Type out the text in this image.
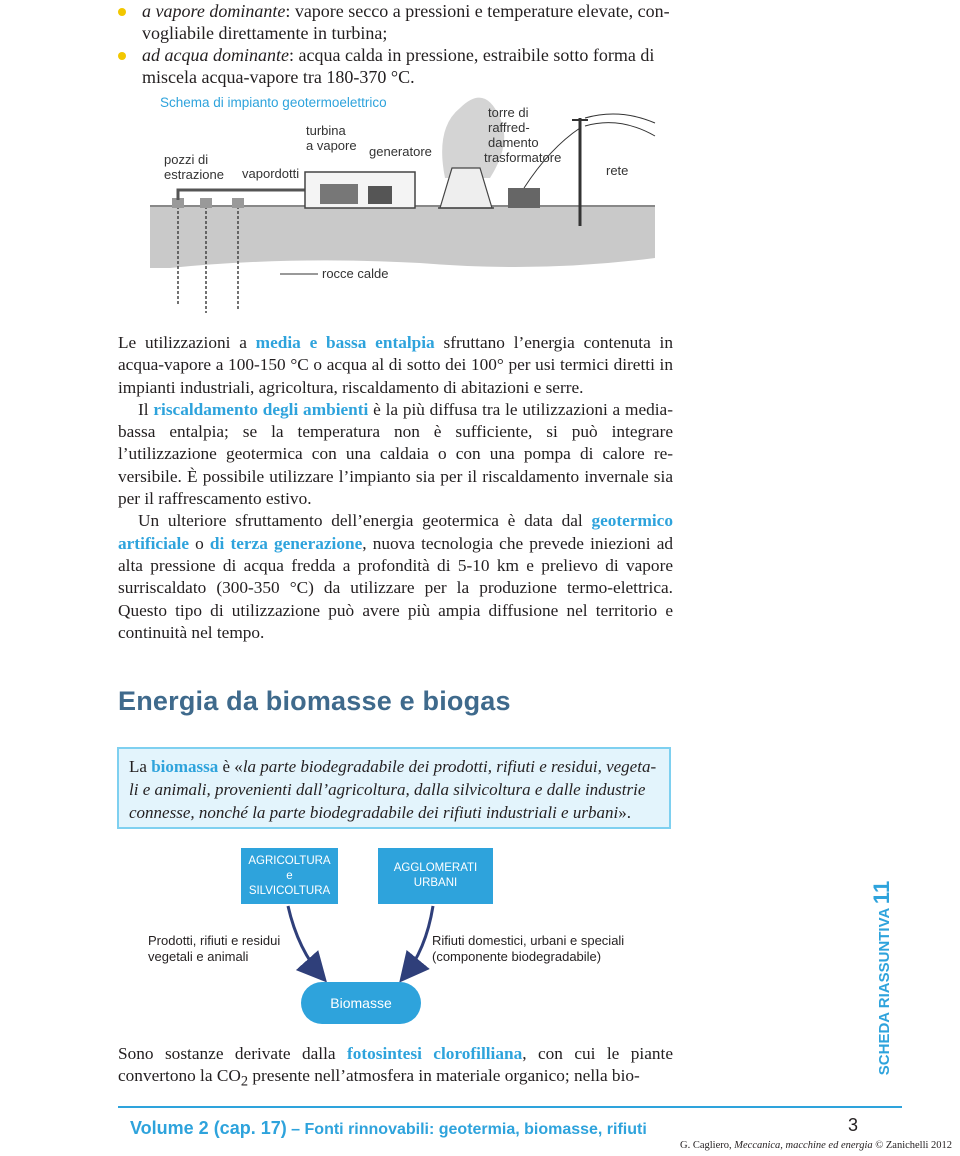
a vapore dominante: vapore secco a pressioni e temperature elevate, con-
vogliabile direttamente in turbina;
ad acqua dominante: acqua calda in pressione, estraibile sotto forma di
miscela acqua-vapore tra 180-370 °C.
Schema di impianto geotermoelettrico
pozzi di
estrazione vapordotti
turbina
a vapore generatore
torre di
raffred-
damento
trasformatore
rete
rocce calde

Le utilizzazioni a media e bassa entalpia sfruttano l’energia contenuta in acqua-vapore a 100-150 °C o acqua al di sotto dei 100° per usi termici diretti in impianti industriali, agricoltura, riscaldamento di abitazioni e serre.

Il riscaldamento degli ambienti è la più diffusa tra le utilizzazioni a media-bassa entalpia; se la temperatura non è sufficiente, si può integrare l’utilizzazione geotermica con una caldaia o con una pompa di calore re-versibile. È possibile utilizzare l’impianto sia per il riscaldamento invernale sia per il raffrescamento estivo.

Un ulteriore sfruttamento dell’energia geotermica è data dal geotermico artificiale o di terza generazione, nuova tecnologia che prevede iniezioni ad alta pressione di acqua fredda a profondità di 5-10 km e prelievo di vapore surriscaldato (300-350 °C) da utilizzare per la produzione termo-elettrica. Questo tipo di utilizzazione può avere più ampia diffusione nel territorio e continuità nel tempo.

Energia da biomasse e biogas
La biomassa è «la parte biodegradabile dei prodotti, rifiuti e residui, vegeta-li e animali, provenienti dall’agricoltura, dalla silvicoltura e dalle industrie connesse, nonché la parte biodegradabile dei rifiuti industriali e urbani».
AGRICOLTURA
e
SILVICOLTURA
AGGLOMERATI
URBANI
Prodotti, rifiuti e residui
vegetali e animali
Rifiuti domestici, urbani e speciali
(componente biodegradabile)
Biomasse

Sono sostanze derivate dalla fotosintesi clorofilliana, con cui le piante convertono la $CO_2$ presente nell’atmosfera in materiale organico; nella bio-

SCHEDA RIASSUNTIVA 11
Volume 2 (cap. 17) – Fonti rinnovabili: geotermia, biomasse, rifiuti	3
G. Cagliero, Meccanica, macchine ed energia © Zanichelli 2012
